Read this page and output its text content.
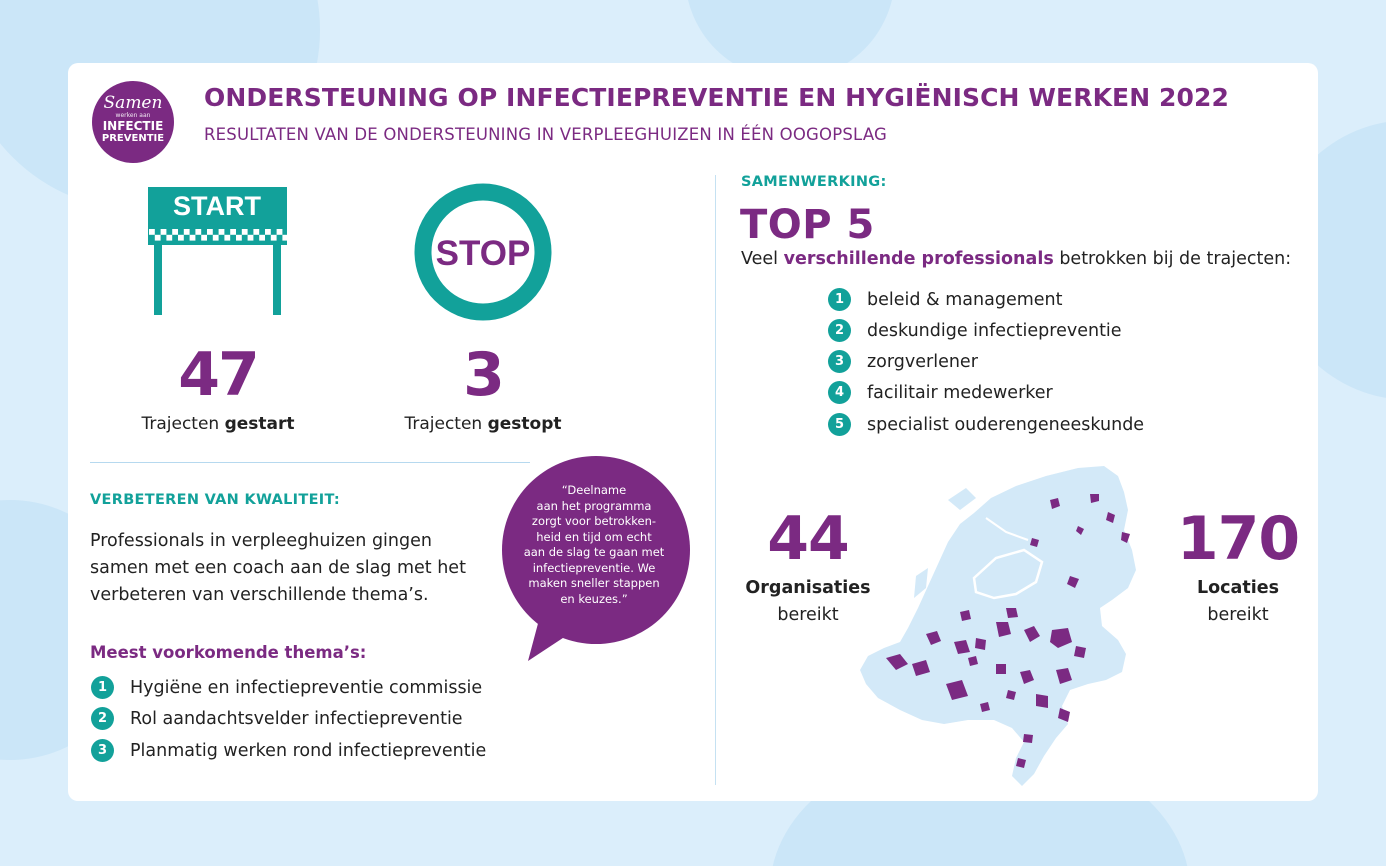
Samen
werken aan
INFECTIE
PREVENTIE
ONDERSTEUNING OP INFECTIEPREVENTIE EN HYGIËNISCH WERKEN 2022
RESULTATEN VAN DE ONDERSTEUNING IN VERPLEEGHUIZEN IN ÉÉN OOGOPSLAG
START
STOP
47
Trajecten gestart
3
Trajecten gestopt
VERBETEREN VAN KWALITEIT:
Professionals in verpleeghuizen gingen samen met een coach aan de slag met het verbeteren van verschillende thema’s.
Meest voorkomende thema’s:
1	Hygiëne en infectiepreventie commissie
2	Rol aandachtsvelder infectiepreventie
3	Planmatig werken rond infectiepreventie
“Deelname
aan het programma
zorgt voor betrokken-
heid en tijd om echt
aan de slag te gaan met
infectiepreventie. We
maken sneller stappen
en keuzes.”
SAMENWERKING:
TOP 5
Veel verschillende professionals betrokken bij de trajecten:
1	beleid & management
2	deskundige infectiepreventie
3	zorgverlener
4	facilitair medewerker
5	specialist ouderengeneeskunde
44
Organisaties
bereikt
170
Locaties
bereikt
